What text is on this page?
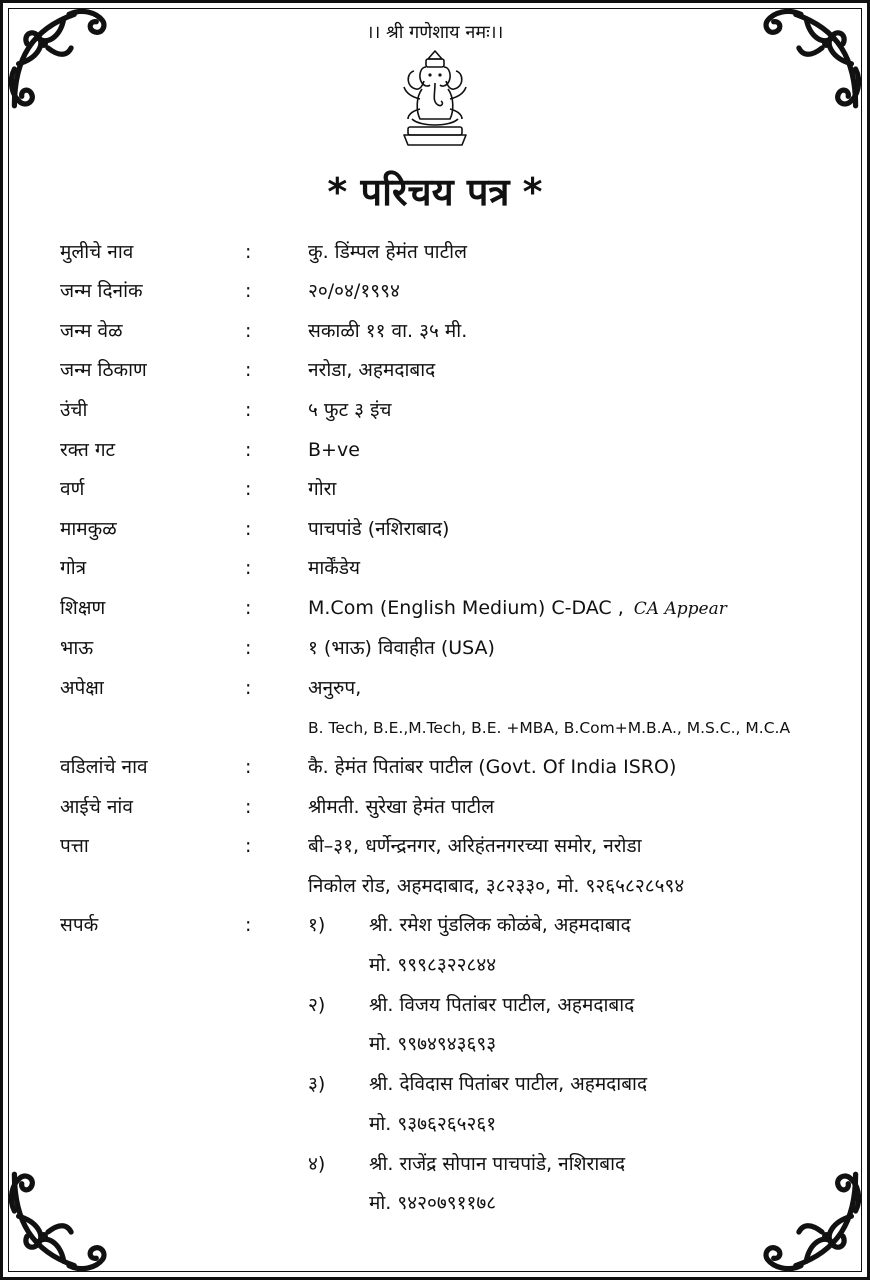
।। श्री गणेशाय नमः।।
* परिचय पत्र *
मुलीचे नाव	:	कु. डिंम्पल हेमंत पाटील
जन्म दिनांक	:	२०/०४/१९९४
जन्म वेळ	:	सकाळी ११ वा. ३५ मी.
जन्म ठिकाण	:	नरोडा, अहमदाबाद
उंची	:	५ फुट ३ इंच
रक्त गट	:	B+ve
वर्ण	:	गोरा
मामकुळ	:	पाचपांडे (नशिराबाद)
गोत्र	:	मार्केंडेय
शिक्षण	:	M.Com (English Medium) C-DAC , CA Appear
भाऊ	:	१ (भाऊ) विवाहीत (USA)
अपेक्षा	:	अनुरुप,
B. Tech, B.E.,M.Tech, B.E. +MBA, B.Com+M.B.A., M.S.C., M.C.A
वडिलांचे नाव	:	कै. हेमंत पितांबर पाटील (Govt. Of India ISRO)
आईचे नांव	:	श्रीमती. सुरेखा हेमंत पाटील
पत्ता	:	बी–३१, धर्णेन्द्रनगर, अरिहंतनगरच्या समोर, नरोडा
निकोल रोड, अहमदाबाद, ३८२३३०, मो. ९२६५८२८५९४
सपर्क	:	१) श्री. रमेश पुंडलिक कोळंबे, अहमदाबाद
मो. ९९९८३२२८४४
२) श्री. विजय पितांबर पाटील, अहमदाबाद
मो. ९९७४९४३६९३
३) श्री. देविदास पितांबर पाटील, अहमदाबाद
मो. ९३७६२६५२६१
४) श्री. राजेंद्र सोपान पाचपांडे, नशिराबाद
मो. ९४२०७९११७८
